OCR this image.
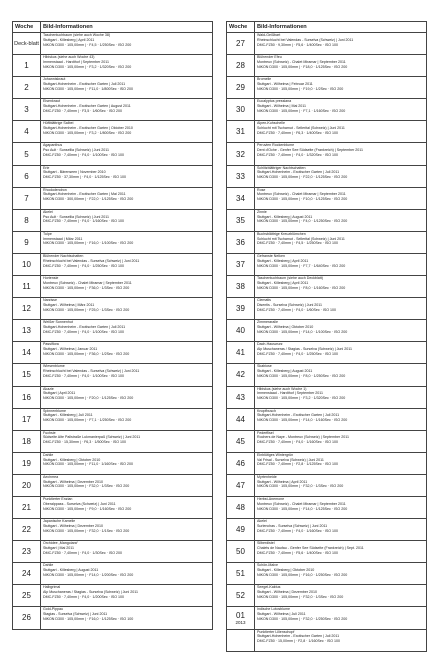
Woche	Bild-Informationen
Deck-blatt	Taschentuchbaum (siehe auch Woche 38)
Stuttgart - Killesberg | April 2011
NIKON D300 · 105,00mm | · F4,5 · 1/250Sec · ISO 200

1	Hibiskus (siehe auch Woche 43)
Immenstaad - Hardthof | September 2011
NIKON D300 · 105,00mm | · F3,2 · 1/320Sec · ISO 200

2	Johanniskraut
Stuttgart-Hohenheim - Exotischer Garten | Juli 2011
NIKON D300 · 105,00mm | · F11,0 · 1/800Sec · ISO 200

3	Eisenkraut
Stuttgart-Hohenheim - Exotischer Garten | August 2011
DMC-FZ50 · 7,40mm | · F3,5 · 1/60Sec · ISO 200

4	Hüftblättrige Salbei
Stuttgart-Hohenheim - Exotischer Garten | Oktober 2010
NIKON D300 · 105,00mm | · F3,2 · 1/800Sec · ISO 200

5	Agapanthus
Pso Ault · Sunsellia (Schweiz) | Juni 2011
DMC-FZ50 · 7,40mm | · F4,0 · 1/100Sec · ISO 100

6	Erle
Stuttgart - Bärenseen | November 2010
DMC-FZ50 · 37,30mm | · F4,0 · 1/125Sec · ISO 100

7	Rhododendron
Stuttgart-Hohenheim - Exotischer Garten | Mai 2011
NIKON D300 · 300,00mm | · F22,0 · 1/125Sec · ISO 200

8	Akelei
Pso Ault · Sunsellia (Schweiz) | Juni 2011
DMC-FZ50 · 7,40mm | · F4,0 · 1/160Sec · ISO 100

9	Tulpe
Immenstaad | März 2011
NIKON D300 · 105,00mm | · F16,0 · 1/100Sec · ISO 200

10	Blühender Nachtschatten
Rheinschlucht bei Valendas - Surselva (Schweiz) | Juni 2011
DMC-FZ50 · 7,40mm | · F4,0 · 1/250Sec · ISO 100

11	Hortensie
Montreux (Schweiz) - Chalet Miramar | September 2011
NIKON D300 · 105,00mm | · F36,0 · 1/3Sec · ISO 200

12	Narzisse
Stuttgart - Wilhelma | März 2011
NIKON D300 · 105,00mm | · F25,0 · 1/3Sec · ISO 200

13	Weißer Sonnenhut
Stuttgart-Hohenheim - Exotischer Garten | Juli 2011
DMC-FZ50 · 7,40mm | · F4,0 · 1/100Sec · ISO 100

14	Passiflora
Stuttgart - Wilhelma | Januar 2011
NIKON D300 · 105,00mm | · F36,0 · 1/2Sec · ISO 200

15	Wiesenblume
Rheinschlucht bei Valendas - Surselva (Schweiz) | Juni 2011
DMC-FZ50 · 7,40mm | · F4,0 · 1/100Sec · ISO 100

16	Akazie
Stuttgart | April 2011
NIKON D300 · 105,00mm | · F20,0 · 1/125Sec · ISO 200

17	Spinnenblume
Stuttgart - Killesberg | Juli 2011
NIKON D300 · 105,00mm | · F7,1 · 1/250Sec · ISO 200

18	Fuchsie
Südseite Alte Pallstraße Lukmanierpaß (Schweiz) | Juni 2011
DMC-FZ50 · 15,30mm | · F6,3 · 1/500Sec · ISO 100

19	Dahlie
Stuttgart - Killesberg | Oktober 2010
NIKON D300 · 105,00mm | · F11,0 · 1/160Sec · ISO 200

20	Aechmea
Stuttgart - Wilhelma | Dezember 2010
NIKON D300 · 105,00mm | · F32,0 · 1/3Sec · ISO 200

21	Punktierter Enzian
Oberalppass - Surselva (Schweiz) | Juni 2011
NIKON D300 · 105,00mm | · F9,0 · 1/160Sec · ISO 200

22	Japanische Kamelie
Stuttgart - Wilhelma | Dezember 2010
NIKON D300 · 105,00mm | · F32,0 · 1/1Sec · ISO 200

23	Orchidee „Mangoiara“
Stuttgart | Mai 2011
DMC-FZ50 · 7,40mm | · F4,0 · 1/30Sec · ISO 200

24	Dahlie
Stuttgart - Killesberg | August 2011
NIKON D300 · 105,00mm | · F14,0 · 1/200Sec · ISO 200

25	Halbgrimal
Alp Muschaneras / Stagias - Surselva (Schweiz) | Juni 2011
DMC-FZ50 · 7,40mm | · F4,0 · 1/200Sec · ISO 100

26	Gold-Pippau
Stagias - Surselva (Schweiz) | Juni 2011
NIKON D300 · 105,00mm | · F16,0 · 1/125Sec · ISO 100
Woche	Bild-Informationen
27	Wald-Geißbart
Rheinschlucht bei Valendas - Surselva (Schweiz) | Juni 2011
DMC-FZ50 · 9,30mm | · F5,6 · 1/400Sec · ISO 100

28	Blühender Efeu
Montreux (Schweiz) - Chalet Miramar | September 2011
NIKON D300 · 105,00mm | · F18,0 · 1/125Sec · ISO 200

29	Bromelie
Stuttgart - Wilhelma | Februar 2011
NIKON D300 · 105,00mm | · F19,0 · 1/2Sec · ISO 200

30	Eucalyptus pressiana
Stuttgart - Wilhelma | Mai 2011
NIKON D300 · 105,00mm | · F7,1 · 1/160Sec · ISO 200

31	Alpen-Kuhschelle
Schlucht mit Tschamut - Sellerital (Schweiz) | Juni 2011
DMC-FZ50 · 7,40mm | · F6,3 · 1/400Sec · ISO 100

32	Peruvien Rockenblume
Dent d'Oche - Genfer See Südseite (Frankreich) | September 2011
DMC-FZ50 · 7,40mm | · F4,0 · 1/320Sec · ISO 100

33	Schlitzblättriger Nachtschatten
Stuttgart-Hohenheim - Exotischer Garten | Juli 2011
NIKON D300 · 105,00mm | · F22,0 · 1/125Sec · ISO 200

34	Rose
Montreux (Schweiz) - Chalet Miramar | September 2011
NIKON D300 · 105,00mm | · F10,0 · 1/125Sec · ISO 200

35	Zinnie
Stuttgart - Killesberg | August 2011
NIKON D300 · 105,00mm | · F4,0 · 1/1250Sec · ISO 200

36	Buchsblättrige Kreuzblümchen
Schlucht mit Tschamut - Sellerital (Schweiz) | Juni 2011
DMC-FZ50 · 7,40mm | · F4,5 · 1/250Sec · ISO 100

37	Gefranste Nelken
Stuttgart - Killesberg | April 2011
NIKON D300 · 105,00mm | · F7,7 · 1/640Sec · ISO 200

38	Taschentuchbaum (siehe auch Deckblatt)
Stuttgart - Killesberg | April 2011
NIKON D300 · 105,00mm | · F8,0 · 1/160Sec · ISO 200

39	Clematis
Disentis - Surselva (Schweiz) | Juni 2011
DMC-FZ50 · 7,40mm | · F4,0 · 1/60Sec · ISO 100

40	Zimmeraralie
Stuttgart - Wilhelma | Oktober 2010
NIKON D300 · 105,00mm | · F14,0 · 1/100Sec · ISO 200

41	Dach-Hauswurz
Alp Muschaneras / Stagias - Surselva (Schweiz) | Juni 2011
DMC-FZ50 · 7,40mm | · F4,0 · 1/250Sec · ISO 100

42	Skabiose
Stuttgart - Killesberg | August 2011
NIKON D300 · 105,00mm | · F8,0 · 1/250Sec · ISO 200

43	Hibiskus (siehe auch Woche 1)
Immenstaad - Hardthof | September 2011
NIKON D300 · 105,00mm | · F3,2 · 1/320Sec · ISO 200

44	Knopfbusch
Stuttgart-Hohenheim - Exotischer Garten | Juli 2011
NIKON D300 · 105,00mm | · F14,0 · 1/160Sec · ISO 200

45	Federflisel
Rochers de Naye - Montreux (Schweiz) | September 2011
DMC-FZ50 · 7,40mm | · F4,0 · 1/160Sec · ISO 100

46	Einblütiges Wintergrün
Val Frisal - Surselva (Schweiz) | Juni 2011
DMC-FZ50 · 7,40mm | · F2,8 · 1/125Sec · ISO 100

47	Myrtenheide
Stuttgart - Wilhelma | April 2011
NIKON D300 · 105,00mm | · F32,0 · 1/3Sec · ISO 200

48	Herbst-Anemone
Montreux (Schweiz) - Chalet Miramar | September 2011
NIKON D300 · 105,00mm | · F14,0 · 1/125Sec · ISO 200

49	Akelei
Surlenchas - Surselva (Schweiz) | Juni 2011
DMC-FZ50 · 7,40mm | · F4,0 · 1/160Sec · ISO 100

50	Silberdistel
Chalets de Naufau - Genfer See Südseite (Frankreich) | Sept. 2011
DMC-FZ50 · 7,40mm | · F5,6 · 1/400Sec · ISO 100

51	Schön-Malve
Stuttgart - Killesberg | Oktober 2010
NIKON D300 · 105,00mm | · F16,0 · 1/250Sec · ISO 200

52	Seegel-Kaktus
Stuttgart - Wilhelma | Dezember 2010
NIKON D300 · 105,00mm | · F32,0 · 1/3Sec · ISO 200

01
2013	Indische Lotosblume
Stuttgart - Wilhelma | Juli 2011
NIKON D300 · 105,00mm | · F32,0 · 1/250Sec · ISO 200

	Punktierter Lilienschopf
Stuttgart-Hohenheim - Exotischer Garten | Juli 2011
DMC-FZ50 · 15,00mm | · F2,8 · 1/160Sec · ISO 100
